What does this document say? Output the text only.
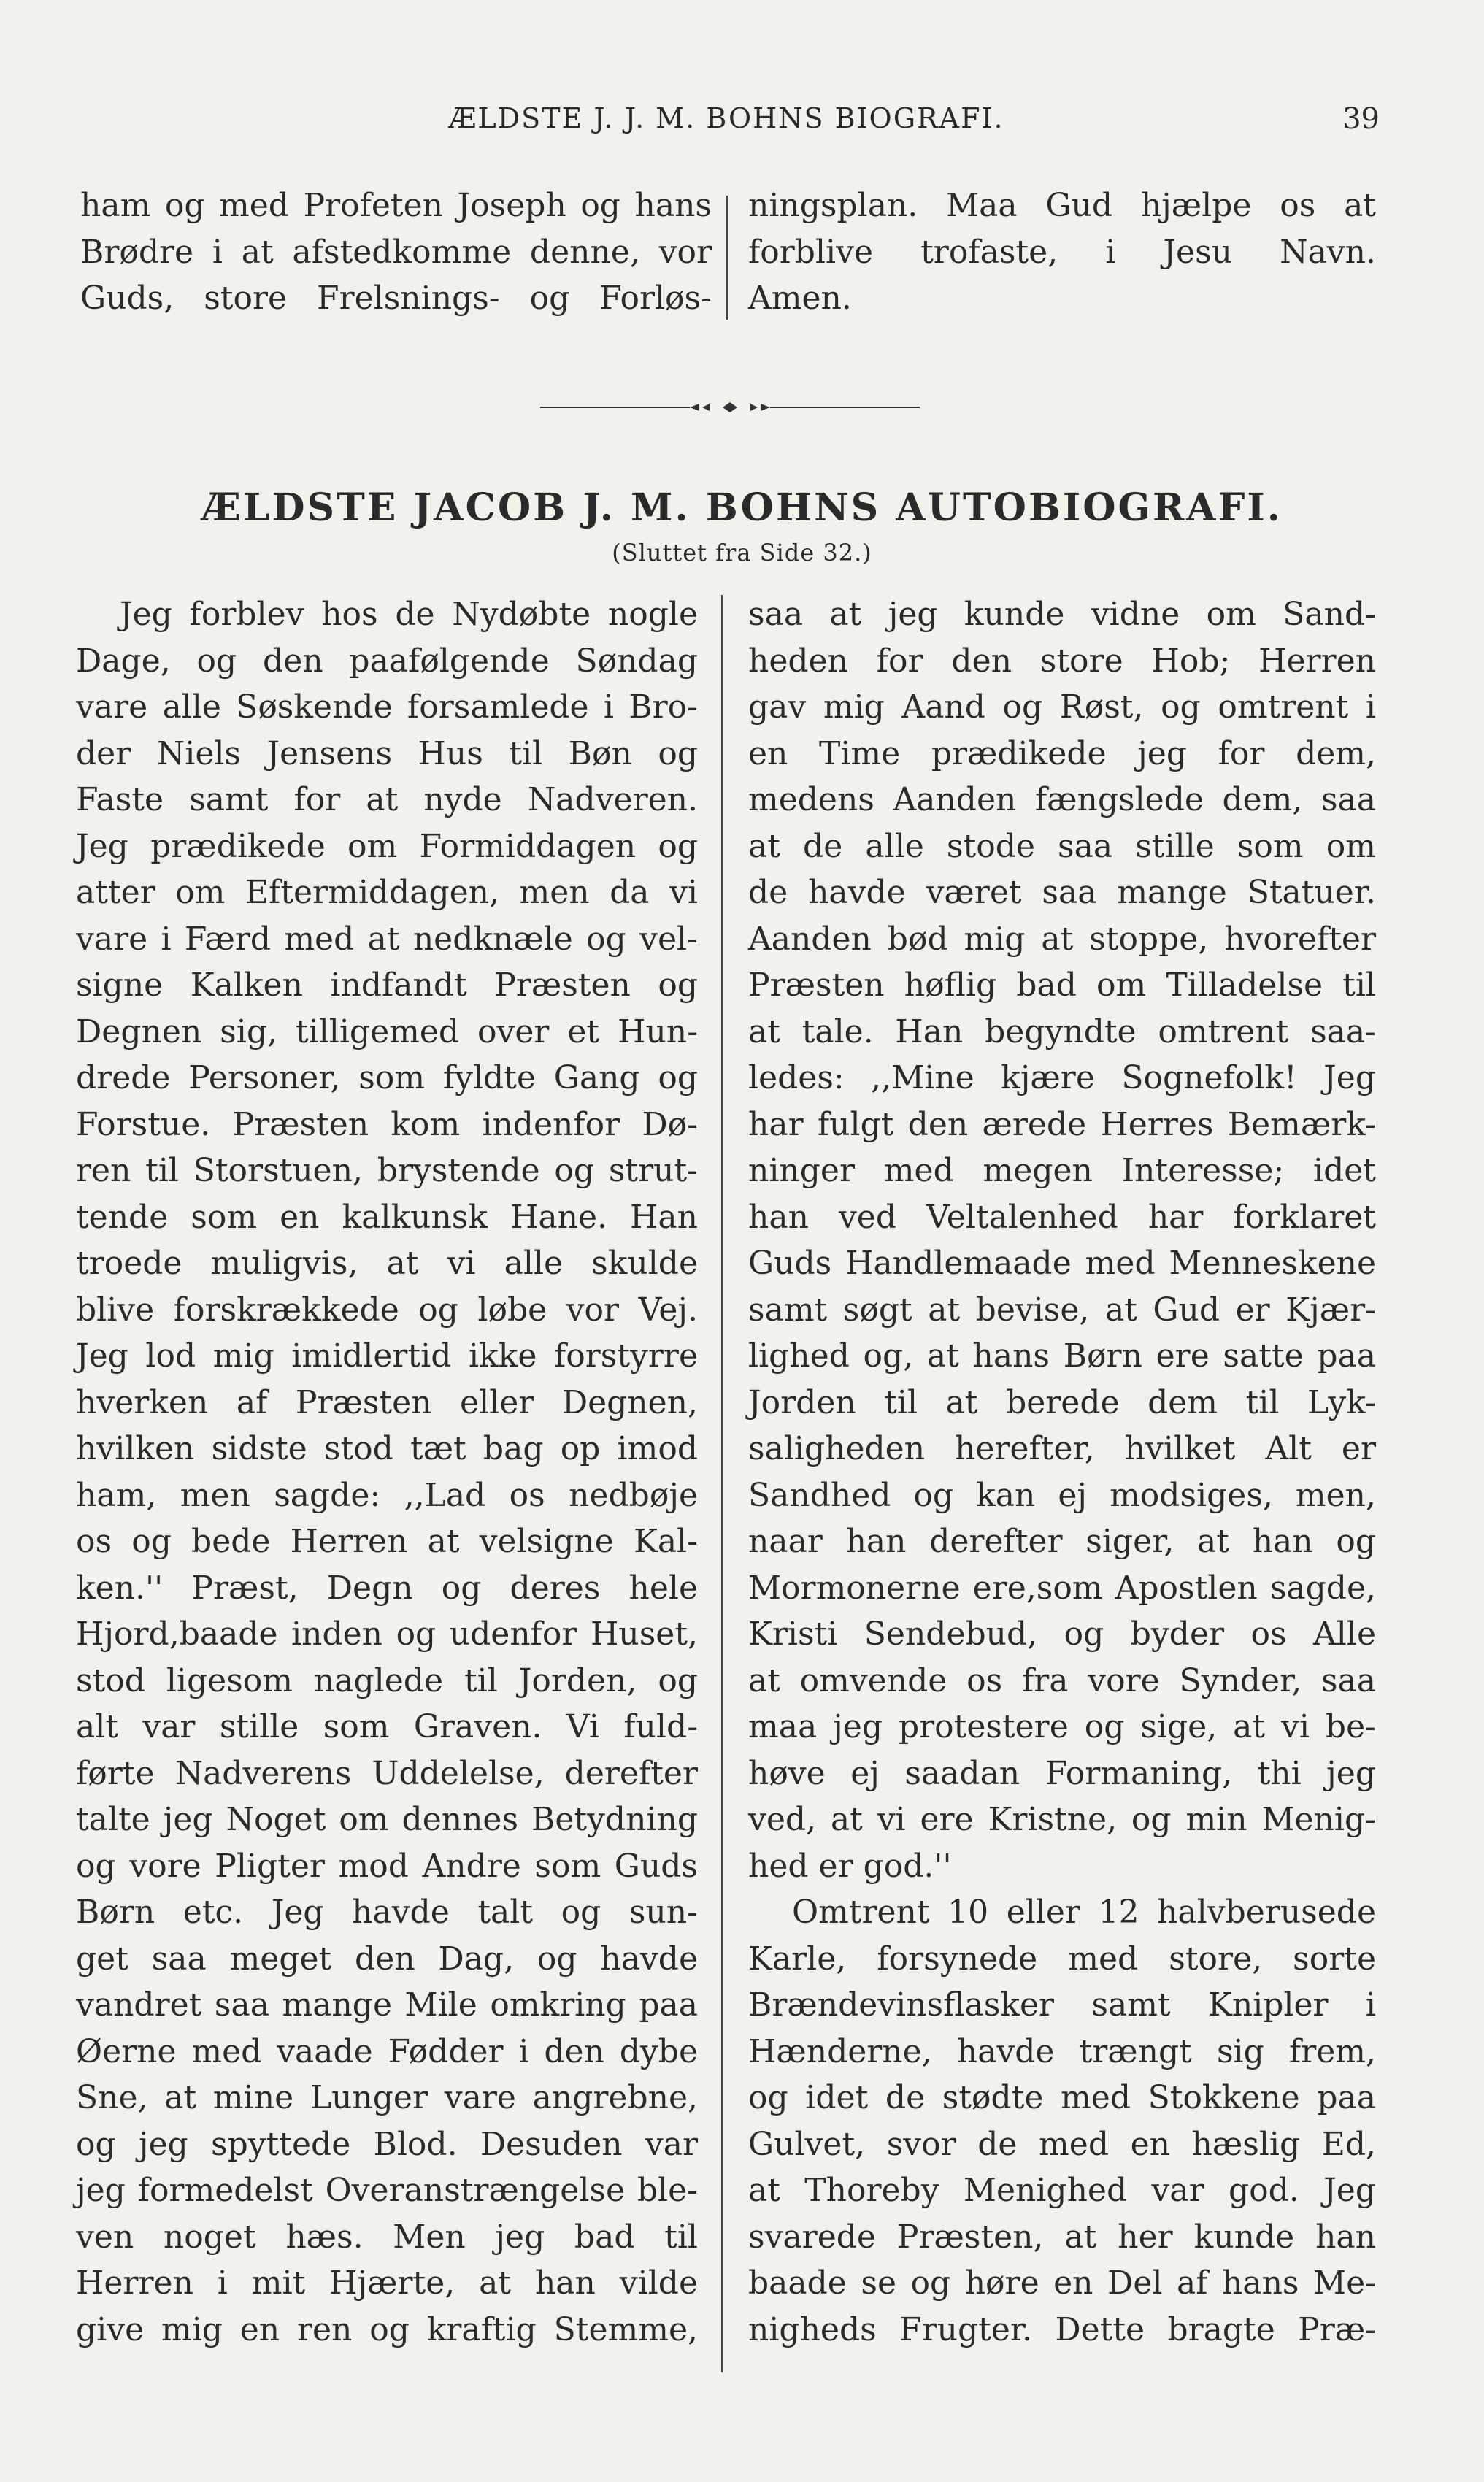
ÆLDSTE J. J. M. BOHNS BIOGRAFI.	39
ham og med Profeten Joseph og hans
Brødre i at afstedkomme denne, vor
Guds, store Frelsnings- og Forløs-
ningsplan. Maa Gud hjælpe os at
forblive trofaste, i Jesu Navn.
Amen.
ÆLDSTE JACOB J. M. BOHNS AUTOBIOGRAFI.
(Sluttet fra Side 32.)
Jeg forblev hos de Nydøbte nogle
Dage, og den paafølgende Søndag
vare alle Søskende forsamlede i Bro-
der Niels Jensens Hus til Bøn og
Faste samt for at nyde Nadveren.
Jeg prædikede om Formiddagen og
atter om Eftermiddagen, men da vi
vare i Færd med at nedknæle og vel-
signe Kalken indfandt Præsten og
Degnen sig, tilligemed over et Hun-
drede Personer, som fyldte Gang og
Forstue. Præsten kom indenfor Dø-
ren til Storstuen, brystende og strut-
tende som en kalkunsk Hane. Han
troede muligvis, at vi alle skulde
blive forskrækkede og løbe vor Vej.
Jeg lod mig imidlertid ikke forstyrre
hverken af Præsten eller Degnen,
hvilken sidste stod tæt bag op imod
ham, men sagde: ,,Lad os nedbøje
os og bede Herren at velsigne Kal-
ken.'' Præst, Degn og deres hele
Hjord,baade inden og udenfor Huset,
stod ligesom naglede til Jorden, og
alt var stille som Graven. Vi fuld-
førte Nadverens Uddelelse, derefter
talte jeg Noget om dennes Betydning
og vore Pligter mod Andre som Guds
Børn etc. Jeg havde talt og sun-
get saa meget den Dag, og havde
vandret saa mange Mile omkring paa
Øerne med vaade Fødder i den dybe
Sne, at mine Lunger vare angrebne,
og jeg spyttede Blod. Desuden var
jeg formedelst Overanstrængelse ble-
ven noget hæs. Men jeg bad til
Herren i mit Hjærte, at han vilde
give mig en ren og kraftig Stemme,
saa at jeg kunde vidne om Sand-
heden for den store Hob; Herren
gav mig Aand og Røst, og omtrent i
en Time prædikede jeg for dem,
medens Aanden fængslede dem, saa
at de alle stode saa stille som om
de havde været saa mange Statuer.
Aanden bød mig at stoppe, hvorefter
Præsten høflig bad om Tilladelse til
at tale. Han begyndte omtrent saa-
ledes: ,,Mine kjære Sognefolk! Jeg
har fulgt den ærede Herres Bemærk-
ninger med megen Interesse; idet
han ved Veltalenhed har forklaret
Guds Handlemaade med Menneskene
samt søgt at bevise, at Gud er Kjær-
lighed og, at hans Børn ere satte paa
Jorden til at berede dem til Lyk-
saligheden herefter, hvilket Alt er
Sandhed og kan ej modsiges, men,
naar han derefter siger, at han og
Mormonerne ere,som Apostlen sagde,
Kristi Sendebud, og byder os Alle
at omvende os fra vore Synder, saa
maa jeg protestere og sige, at vi be-
høve ej saadan Formaning, thi jeg
ved, at vi ere Kristne, og min Menig-
hed er god.''
Omtrent 10 eller 12 halvberusede
Karle, forsynede med store, sorte
Brændevinsflasker samt Knipler i
Hænderne, havde trængt sig frem,
og idet de stødte med Stokkene paa
Gulvet, svor de med en hæslig Ed,
at Thoreby Menighed var god. Jeg
svarede Præsten, at her kunde han
baade se og høre en Del af hans Me-
nigheds Frugter. Dette bragte Præ-
